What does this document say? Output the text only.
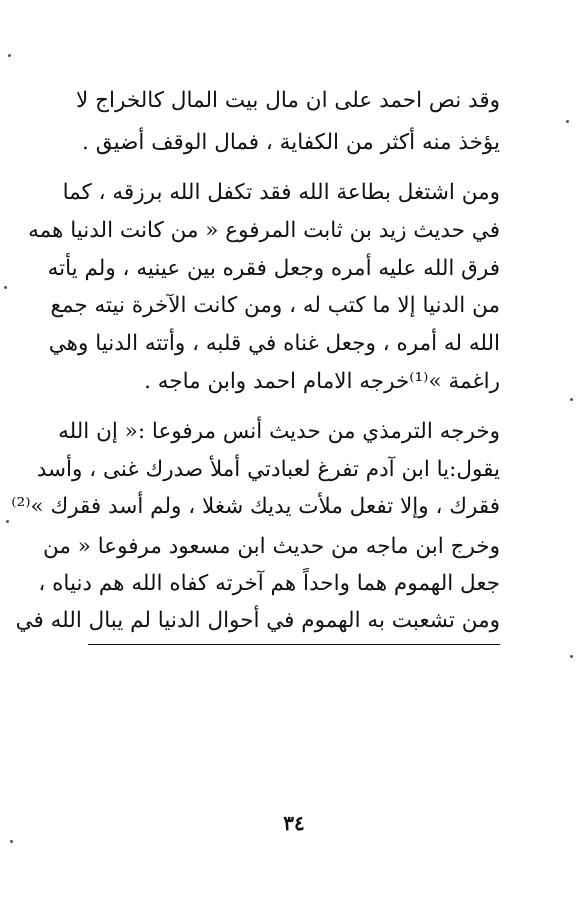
وقد نص احمد على ان مال بيت المال كالخراج لا
يؤخذ منه أكثر من الكفاية ، فمال الوقف أضيق .
ومن اشتغل بطاعة الله فقد تكفل الله برزقه ، كما
في حديث زيد بن ثابت المرفوع « من كانت الدنيا همه
فرق الله عليه أمره وجعل فقره بين عينيه ، ولم يأته
من الدنيا إلا ما كتب له ، ومن كانت الآخرة نيته جمع
الله له أمره ، وجعل غناه في قلبه ، وأتته الدنيا وهي
راغمة »⁽¹⁾خرجه الامام احمد وابن ماجه .
وخرجه الترمذي من حديث أنس مرفوعا :« إن الله
يقول:يا ابن آدم تفرغ لعبادتي أملأ صدرك غنى ، وأسد
فقرك ، وإلا تفعل ملأت يديك شغلا ، ولم أسد فقرك »⁽²⁾
وخرج ابن ماجه من حديث ابن مسعود مرفوعا « من
جعل الهموم هما واحداً هم آخرته كفاه الله هم دنياه ،
ومن تشعبت به الهموم في أحوال الدنيا لم يبال الله في
٣٤
